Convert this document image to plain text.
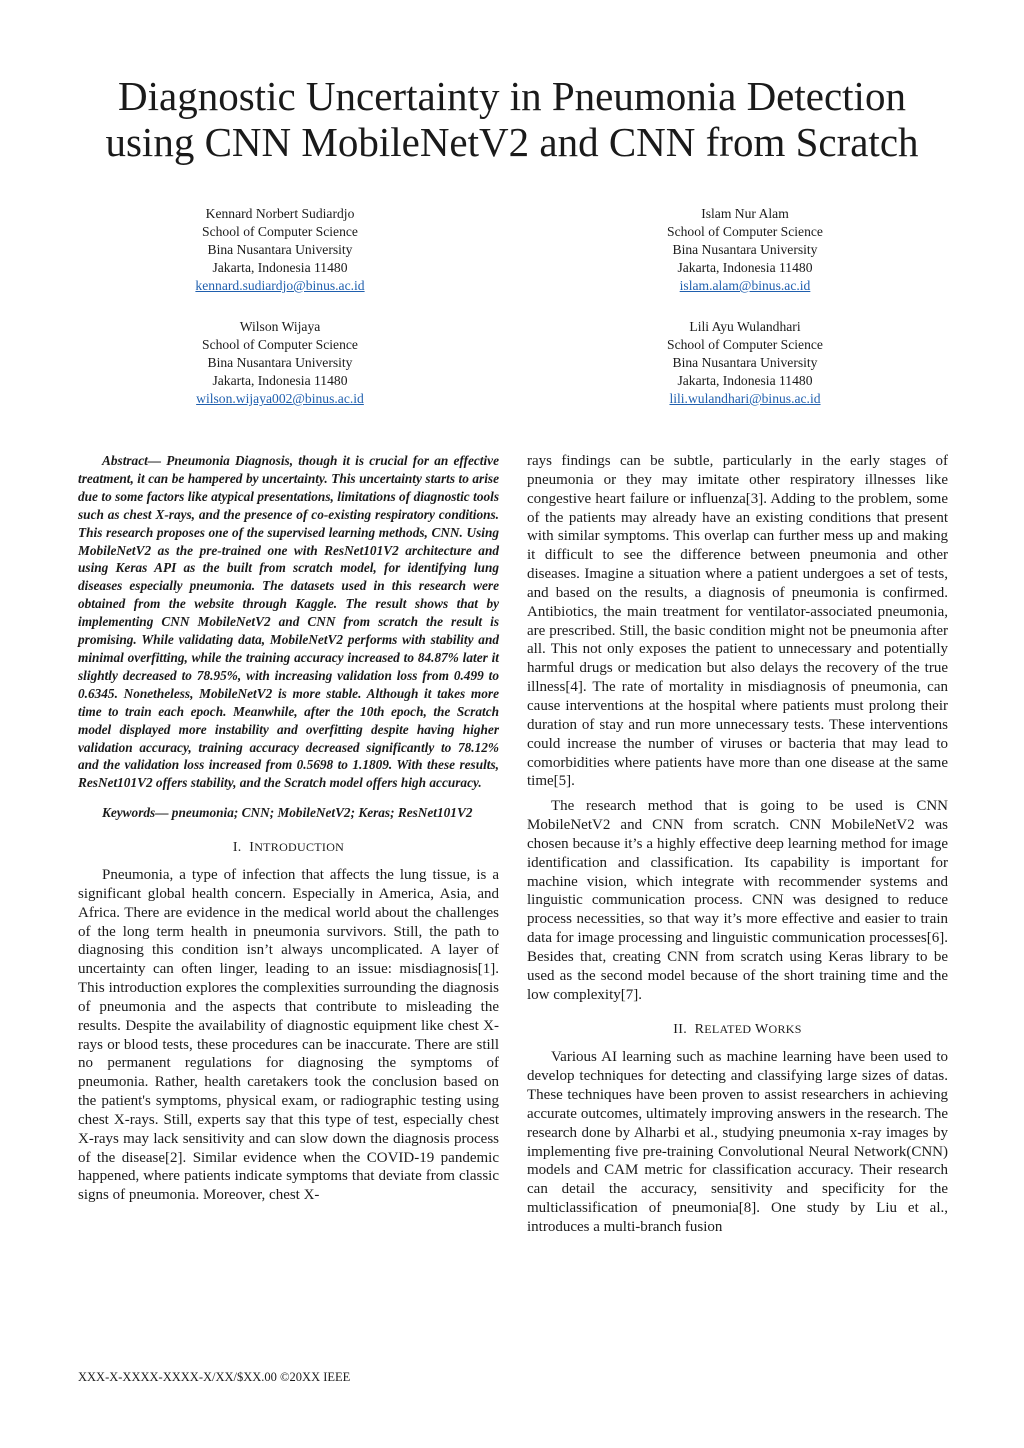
Diagnostic Uncertainty in Pneumonia Detection
using CNN MobileNetV2 and CNN from Scratch
Kennard Norbert Sudiardjo
School of Computer Science
Bina Nusantara University
Jakarta, Indonesia 11480
kennard.sudiardjo@binus.ac.id
Islam Nur Alam
School of Computer Science
Bina Nusantara University
Jakarta, Indonesia 11480
islam.alam@binus.ac.id
Wilson Wijaya
School of Computer Science
Bina Nusantara University
Jakarta, Indonesia 11480
wilson.wijaya002@binus.ac.id
Lili Ayu Wulandhari
School of Computer Science
Bina Nusantara University
Jakarta, Indonesia 11480
lili.wulandhari@binus.ac.id

Abstract— Pneumonia Diagnosis, though it is crucial for an effective treatment, it can be hampered by uncertainty. This uncertainty starts to arise due to some factors like atypical presentations, limitations of diagnostic tools such as chest X-rays, and the presence of co-existing respiratory conditions. This research proposes one of the supervised learning methods, CNN. Using MobileNetV2 as the pre-trained one with ResNet101V2 architecture and using Keras API as the built from scratch model, for identifying lung diseases especially pneumonia. The datasets used in this research were obtained from the website through Kaggle. The result shows that by implementing CNN MobileNetV2 and CNN from scratch the result is promising. While validating data, MobileNetV2 performs with stability and minimal overfitting, while the training accuracy increased to 84.87% later it slightly decreased to 78.95%, with increasing validation loss from 0.499 to 0.6345. Nonetheless, MobileNetV2 is more stable. Although it takes more time to train each epoch. Meanwhile, after the 10th epoch, the Scratch model displayed more instability and overfitting despite having higher validation accuracy, training accuracy decreased significantly to 78.12% and the validation loss increased from 0.5698 to 1.1809. With these results, ResNet101V2 offers stability, and the Scratch model offers high accuracy.

Keywords— pneumonia; CNN; MobileNetV2; Keras; ResNet101V2

I. INTRODUCTION

Pneumonia, a type of infection that affects the lung tissue, is a significant global health concern. Especially in America, Asia, and Africa. There are evidence in the medical world about the challenges of the long term health in pneumonia survivors. Still, the path to diagnosing this condition isn’t always uncomplicated. A layer of uncertainty can often linger, leading to an issue: misdiagnosis[1]. This introduction explores the complexities surrounding the diagnosis of pneumonia and the aspects that contribute to misleading the results. Despite the availability of diagnostic equipment like chest X-rays or blood tests, these procedures can be inaccurate. There are still no permanent regulations for diagnosing the symptoms of pneumonia. Rather, health caretakers took the conclusion based on the patient's symptoms, physical exam, or radiographic testing using chest X-rays. Still, experts say that this type of test, especially chest X-rays may lack sensitivity and can slow down the diagnosis process of the disease[2]. Similar evidence when the COVID-19 pandemic happened, where patients indicate symptoms that deviate from classic signs of pneumonia. Moreover, chest X-

rays findings can be subtle, particularly in the early stages of pneumonia or they may imitate other respiratory illnesses like congestive heart failure or influenza[3]. Adding to the problem, some of the patients may already have an existing conditions that present with similar symptoms. This overlap can further mess up and making it difficult to see the difference between pneumonia and other diseases. Imagine a situation where a patient undergoes a set of tests, and based on the results, a diagnosis of pneumonia is confirmed. Antibiotics, the main treatment for ventilator-associated pneumonia, are prescribed. Still, the basic condition might not be pneumonia after all. This not only exposes the patient to unnecessary and potentially harmful drugs or medication but also delays the recovery of the true illness[4]. The rate of mortality in misdiagnosis of pneumonia, can cause interventions at the hospital where patients must prolong their duration of stay and run more unnecessary tests. These interventions could increase the number of viruses or bacteria that may lead to comorbidities where patients have more than one disease at the same time[5].

The research method that is going to be used is CNN MobileNetV2 and CNN from scratch. CNN MobileNetV2 was chosen because it’s a highly effective deep learning method for image identification and classification. Its capability is important for machine vision, which integrate with recommender systems and linguistic communication process. CNN was designed to reduce process necessities, so that way it’s more effective and easier to train data for image processing and linguistic communication processes[6]. Besides that, creating CNN from scratch using Keras library to be used as the second model because of the short training time and the low complexity[7].

II. RELATED WORKS

Various AI learning such as machine learning have been used to develop techniques for detecting and classifying large sizes of datas. These techniques have been proven to assist researchers in achieving accurate outcomes, ultimately improving answers in the research. The research done by Alharbi et al., studying pneumonia x-ray images by implementing five pre-training Convolutional Neural Network(CNN) models and CAM metric for classification accuracy. Their research can detail the accuracy, sensitivity and specificity for the multiclassification of pneumonia[8]. One study by Liu et al., introduces a multi-branch fusion

XXX-X-XXXX-XXXX-X/XX/$XX.00 ©20XX IEEE
